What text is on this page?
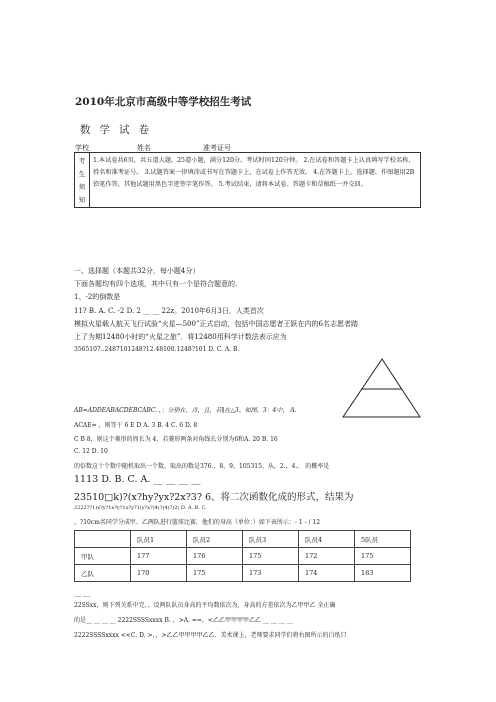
2010年北京市高级中等学校招生考试
数学试卷
学校	姓名	准考证号
考
生
须
知
1.本试卷共6页，共五道大题，25道小题，满分120分。考试时间120分钟。 2.在试卷和答题卡上认真填写学校名称、姓名和准考证号。 3.试题答案一律填涂或书写在答题卡上，在试卷上作答无效。 4.在答题卡上，选择题、作图题用2B铅笔作答，其他试题用黑色字迹签字笔作答。 5.考试结束，请将本试卷、答题卡和草稿纸一并交回。
一、选择题（本题共32分，每小题4分）
下面各题均有四个选项，其中只有一个是符合题意的.
1、-2的倒数是
11? B. A. C. -2 D. 2 __ __ 22z。2010年6月3日，人类首次
模拟火星载人航天飞行试验“火星—500”正式启动，包括中国志愿者王跃在内的6名志愿者踏
上了为期12480小时的“火星之旅”．将12480用科学计数法表示应为
3565107..2487101248?12.48100.1248?101 D. C. A. B.
AB=ADDEABACDEBCABC．、：分别在、点，且，若∥在△3、如图，3：4中， A.
ACAE= ，则等于 6 E D A. 3 B. 4 C. 6 D. 8
C B 8，则这个菱形的周长为 4、若菱形两条对角线长分别为6和A. 20 B. 16
C. 12 D. 10
的倍数这十个数中随机取出一个数，取出的数是376.、8，9，105315、从，2.、4.、 的概率是
	队员1	队员2	队员3	队员4	5队员
甲队	177	176	175	172	175
乙队	170	175	173	174	183
__ __
22SSxx，则下列关系中完、、设两队队员身高的平均数依次为，身高的方差依次为乙甲甲乙 全正确
的是__ __ __ __ 2222SSSSxxxx B. ，>A. ==，<乙乙甲甲甲甲乙乙 __ __ __ __
2222SSSSxxxx <<C. D. >，，>乙乙甲甲甲甲乙乙、美术课上，老师要求同学们将右图所示的白纸只
1113 D. B. C. A. __ __ __ __
23510□k)?(x?hy?yx?2x?3? 6、将二次函数化成的形式，结果为
2222??1)x?y?1x?y?1x?y?1(y?x?)4(?)4(?)2( D. A. B. C.
、?10cm名同学分成甲、乙两队进行篮球比赛，他们的身高（单位：）如下表所示：- 1 - / 12
